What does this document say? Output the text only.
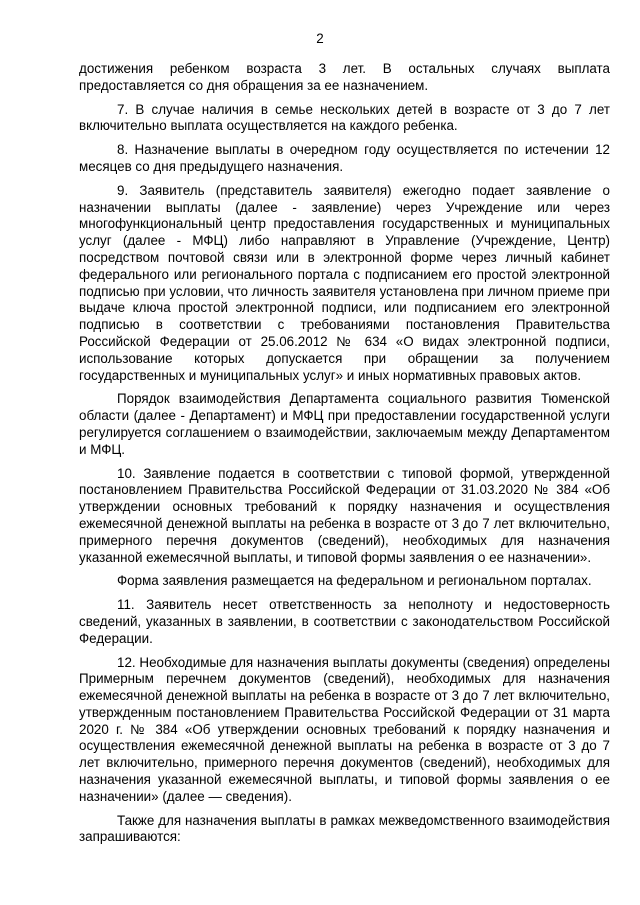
2

достижения ребенком возраста 3 лет. В остальных случаях выплата предоставляется со дня обращения за ее назначением.

7. В случае наличия в семье нескольких детей в возрасте от 3 до 7 лет включительно выплата осуществляется на каждого ребенка.

8. Назначение выплаты в очередном году осуществляется по истечении 12 месяцев со дня предыдущего назначения.

9. Заявитель (представитель заявителя) ежегодно подает заявление о назначении выплаты (далее - заявление) через Учреждение или через многофункциональный центр предоставления государственных и муниципальных услуг (далее - МФЦ) либо направляют в Управление (Учреждение, Центр) посредством почтовой связи или в электронной форме через личный кабинет федерального или регионального портала с подписанием его простой электронной подписью при условии, что личность заявителя установлена при личном приеме при выдаче ключа простой электронной подписи, или подписанием его электронной подписью в соответствии с требованиями постановления Правительства Российской Федерации от 25.06.2012 № 634 «О видах электронной подписи, использование которых допускается при обращении за получением государственных и муниципальных услуг» и иных нормативных правовых актов.

Порядок взаимодействия Департамента социального развития Тюменской области (далее - Департамент) и МФЦ при предоставлении государственной услуги регулируется соглашением о взаимодействии, заключаемым между Департаментом и МФЦ.

10. Заявление подается в соответствии с типовой формой, утвержденной постановлением Правительства Российской Федерации от 31.03.2020 № 384 «Об утверждении основных требований к порядку назначения и осуществления ежемесячной денежной выплаты на ребенка в возрасте от 3 до 7 лет включительно, примерного перечня документов (сведений), необходимых для назначения указанной ежемесячной выплаты, и типовой формы заявления о ее назначении».

Форма заявления размещается на федеральном и региональном порталах.

11. Заявитель несет ответственность за неполноту и недостоверность сведений, указанных в заявлении, в соответствии с законодательством Российской Федерации.

12. Необходимые для назначения выплаты документы (сведения) определены Примерным перечнем документов (сведений), необходимых для назначения ежемесячной денежной выплаты на ребенка в возрасте от 3 до 7 лет включительно, утвержденным постановлением Правительства Российской Федерации от 31 марта 2020 г. № 384 «Об утверждении основных требований к порядку назначения и осуществления ежемесячной денежной выплаты на ребенка в возрасте от 3 до 7 лет включительно, примерного перечня документов (сведений), необходимых для назначения указанной ежемесячной выплаты, и типовой формы заявления о ее назначении» (далее — сведения).

Также для назначения выплаты в рамках межведомственного взаимодействия запрашиваются:
